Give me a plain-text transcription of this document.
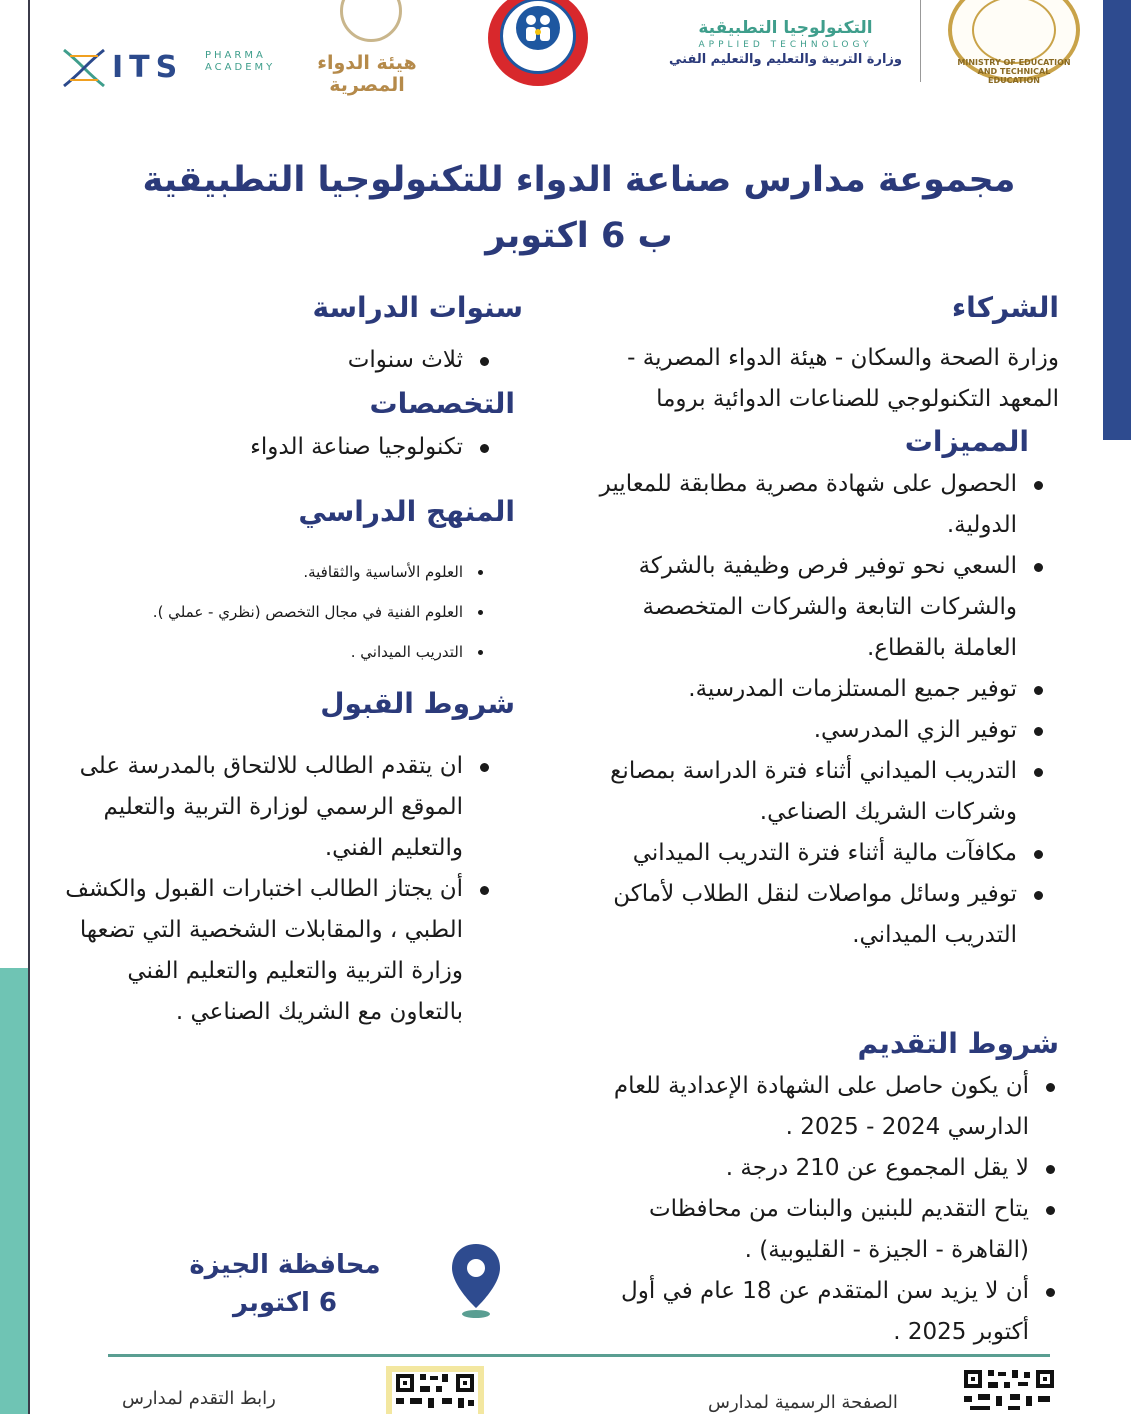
ITS PHARMA ACADEMY هيئة الدواء المصرية
التكنولوجيا التطبيقية
APPLIED TECHNOLOGY
وزارة التربية والتعليم والتعليم الفني	MINISTRY OF EDUCATION AND TECHNICAL EDUCATION
مجموعة مدارس صناعة الدواء للتكنولوجيا التطبيقية
ب 6 اكتوبر
الشركاء
وزارة الصحة والسكان - هيئة الدواء المصرية -
المعهد التكنولوجي للصناعات الدوائية بروما
المميزات
الحصول على شهادة مصرية مطابقة للمعايير الدولية.
السعي نحو توفير فرص وظيفية بالشركة والشركات التابعة والشركات المتخصصة العاملة بالقطاع.
توفير جميع المستلزمات المدرسية.
توفير الزي المدرسي.
التدريب الميداني أثناء فترة الدراسة بمصانع وشركات الشريك الصناعي.
مكافآت مالية أثناء فترة التدريب الميداني
توفير وسائل مواصلات لنقل الطلاب لأماكن التدريب الميداني.
شروط التقديم
أن يكون حاصل على الشهادة الإعدادية للعام الدارسي 2024 - 2025 .
لا يقل المجموع عن 210 درجة .
يتاح التقديم للبنين والبنات من محافظات (القاهرة - الجيزة - القليوبية) .
أن لا يزيد سن المتقدم عن 18 عام في أول أكتوبر 2025 .
سنوات الدراسة
ثلاث سنوات
التخصصات
تكنولوجيا صناعة الدواء
المنهج الدراسي
العلوم الأساسية والثقافية.
العلوم الفنية في مجال التخصص (نظري - عملي ).
التدريب الميداني .
شروط القبول
ان يتقدم الطالب للالتحاق بالمدرسة على الموقع الرسمي لوزارة التربية والتعليم والتعليم الفني.
أن يجتاز الطالب اختبارات القبول والكشف الطبي ، والمقابلات الشخصية التي تضعها وزارة التربية والتعليم والتعليم الفني بالتعاون مع الشريك الصناعي .
محافظة الجيزة
6 اكتوبر
رابط التقدم لمدارس	الصفحة الرسمية لمدارس
